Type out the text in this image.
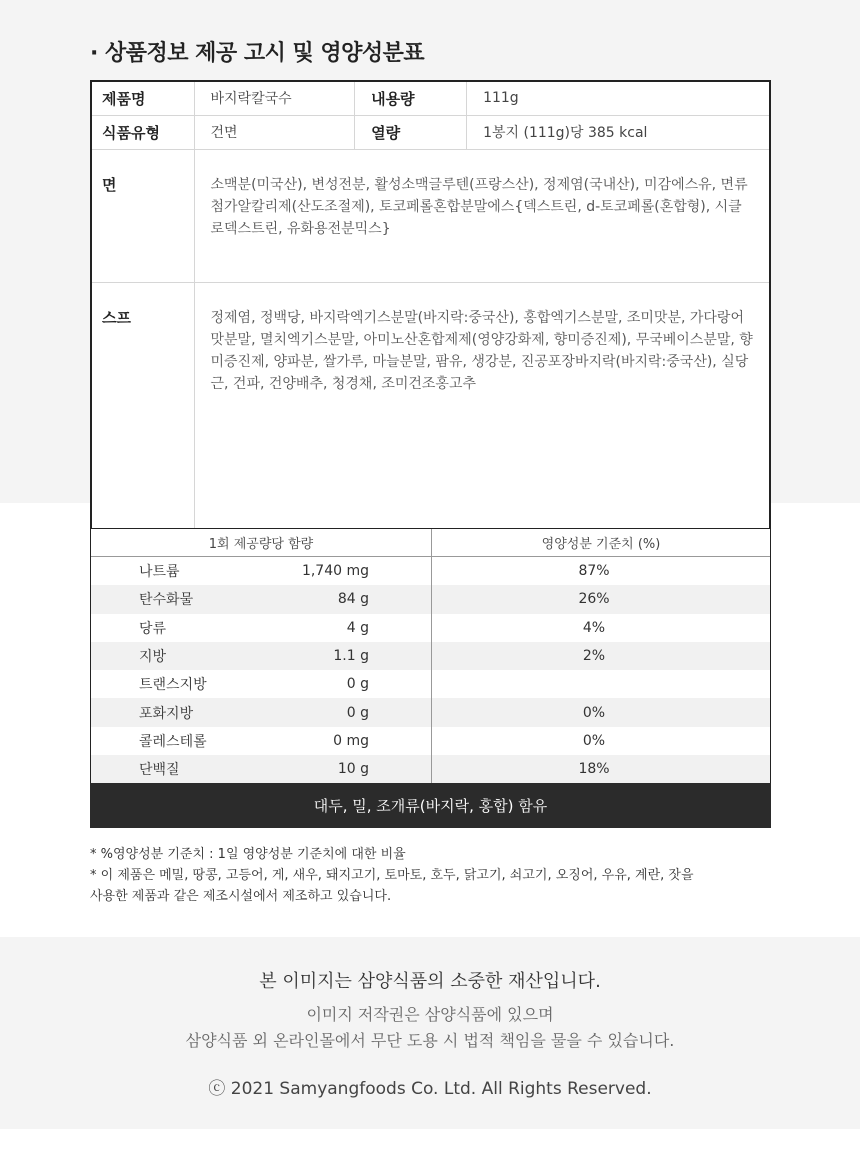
· 상품정보 제공 고시 및 영양성분표
제품명	바지락칼국수	내용량	111g
식품유형	건면	열량	1봉지 (111g)당 385 kcal
면	소맥분(미국산), 변성전분, 활성소맥글루텐(프랑스산), 정제염(국내산), 미감에스유, 면류첨가알칼리제(산도조절제), 토코페롤혼합분말에스{덱스트린, d-토코페롤(혼합형), 시클로덱스트린, 유화용전분믹스}		
스프	정제염, 정백당, 바지락엑기스분말(바지락:중국산), 홍합엑기스분말, 조미맛분, 가다랑어맛분말, 멸치엑기스분말, 아미노산혼합제제(영양강화제, 향미증진제), 무국베이스분말, 향미증진제, 양파분, 쌀가루, 마늘분말, 팜유, 생강분, 진공포장바지락(바지락:중국산), 실당근, 건파, 건양배추, 청경채, 조미건조홍고추		
1회 제공량당 함량	영양성분 기준치 (%)
나트륨	1,740 mg	87%
탄수화물	84 g	26%
당류	4 g	4%
지방	1.1 g	2%
트랜스지방	0 g
포화지방	0 g	0%
콜레스테롤	0 mg	0%
단백질	10 g	18%
대두, 밀, 조개류(바지락, 홍합) 함유
* %영양성분 기준치 : 1일 영양성분 기준치에 대한 비율
* 이 제품은 메밀, 땅콩, 고등어, 게, 새우, 돼지고기, 토마토, 호두, 닭고기, 쇠고기, 오징어, 우유, 계란, 잣을
사용한 제품과 같은 제조시설에서 제조하고 있습니다.
본 이미지는 삼양식품의 소중한 재산입니다.
이미지 저작권은 삼양식품에 있으며
삼양식품 외 온라인몰에서 무단 도용 시 법적 책임을 물을 수 있습니다.
ⓒ 2021 Samyangfoods Co. Ltd. All Rights Reserved.
